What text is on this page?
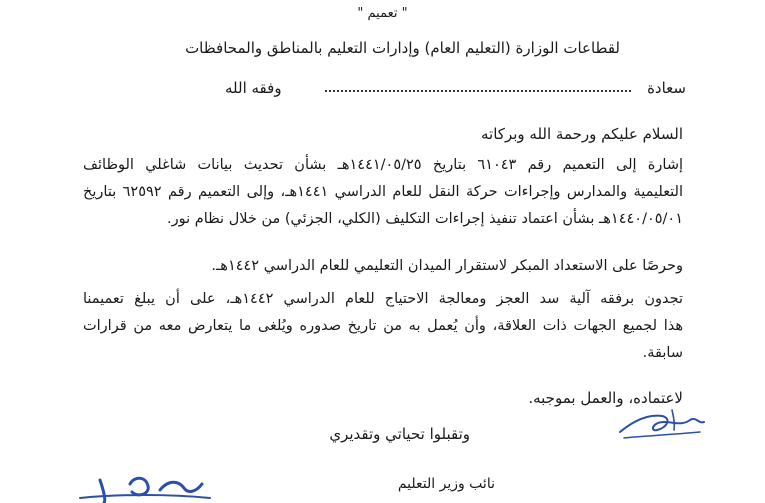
" تعميم "
لقطاعات الوزارة (التعليم العام) وإدارات التعليم بالمناطق والمحافظات
سعادة
وفقه الله
السلام عليكم ورحمة الله وبركاته
إشارة إلى التعميم رقم ٦١٠٤٣ بتاريخ ١٤٤١/٠٥/٢٥هـ بشأن تحديث بيانات شاغلي الوظائف
التعليمية والمدارس وإجراءات حركة النقل للعام الدراسي ١٤٤١هـ، وإلى التعميم رقم ٦٢٥٩٢ بتاريخ
١٤٤٠/٠٥/٠١هـ بشأن اعتماد تنفيذ إجراءات التكليف (الكلي، الجزئي) من خلال نظام نور.
وحرصًا على الاستعداد المبكر لاستقرار الميدان التعليمي للعام الدراسي ١٤٤٢هـ.
تجدون برفقه آلية سد العجز ومعالجة الاحتياج للعام الدراسي ١٤٤٢هـ، على أن يبلغ تعميمنا
هذا لجميع الجهات ذات العلاقة، وأن يُعمل به من تاريخ صدوره ويُلغى ما يتعارض معه من قرارات
سابقة.
لاعتماده، والعمل بموجبه.
وتقبلوا تحياتي وتقديري
نائب وزير التعليم
